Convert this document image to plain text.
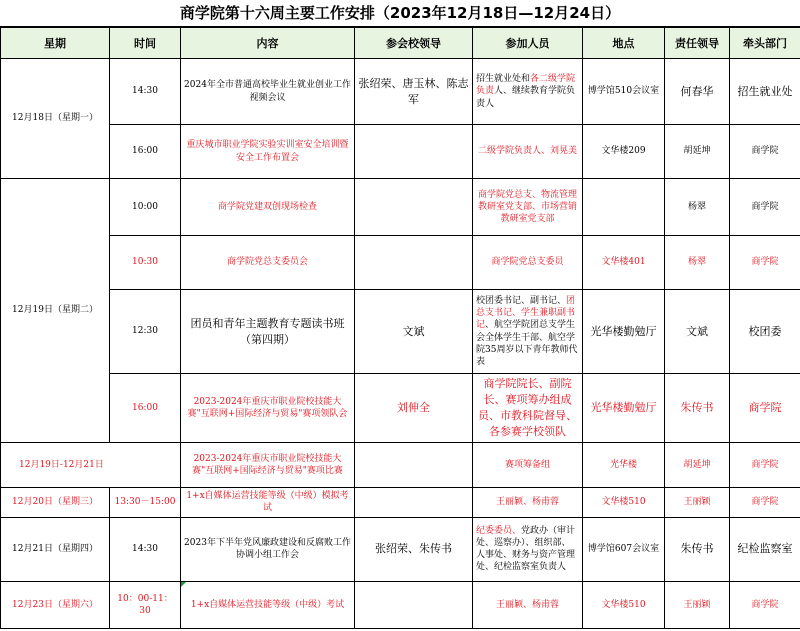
商学院第十六周主要工作安排（2023年12月18日—12月24日）
星期	时间	内容	参会校领导	参加人员	地点	责任领导	牵头部门
12月18日（星期一）	14:30	2024年全市普通高校毕业生就业创业工作视频会议	张绍荣、唐玉林、陈志军	招生就业处和各二级学院负责人、继续教育学院负责人	博学馆510会议室	何春华	招生就业处
	16:00	重庆城市职业学院实验实训室安全培训暨安全工作布置会		二级学院负责人、刘晃美	文华楼209	胡延坤	商学院
12月19日（星期二）	10:00	商学院党建双创现场检查		商学院党总支、物流管理教研室党支部、市场营销教研室党支部		杨翠	商学院
	10:30	商学院党总支委员会		商学院党总支委员	文华楼401	杨翠	商学院
	12:30	团员和青年主题教育专题读书班（第四期）	文斌	校团委书记、副书记、团总支书记、学生兼职副书记、航空学院团总支学生会全体学生干部、航空学院35周岁以下青年教师代表	光华楼勤勉厅	文斌	校团委
	16:00	2023-2024年重庆市职业院校技能大赛"互联网+国际经济与贸易"赛项领队会	刘伸全	商学院院长、副院长、赛项筹办组成员、市教科院督导、各参赛学校领队	光华楼勤勉厅	朱传书	商学院
12月19日-12月21日		2023-2024年重庆市职业院校技能大赛"互联网+国际经济与贸易"赛项比赛		赛项筹备组	光华楼	胡延坤	商学院
12月20日（星期三）	13:30－15:00	1+x自媒体运营技能等级（中级）模拟考试		王丽颖、杨甫蓉	文华楼510	王丽颖	商学院
12月21日（星期四）	14:30	2023年下半年党风廉政建设和反腐败工作协调小组工作会	张绍荣、朱传书	纪委委员、党政办（审计处、巡察办）、组织部、人事处、财务与资产管理处、纪检监察室负责人	博学馆607会议室	朱传书	纪检监察室
12月23日（星期六）	10：00-11：30	1+x自媒体运营技能等级（中级）考试		王丽颖、杨甫蓉	文华楼510	王丽颖	商学院
